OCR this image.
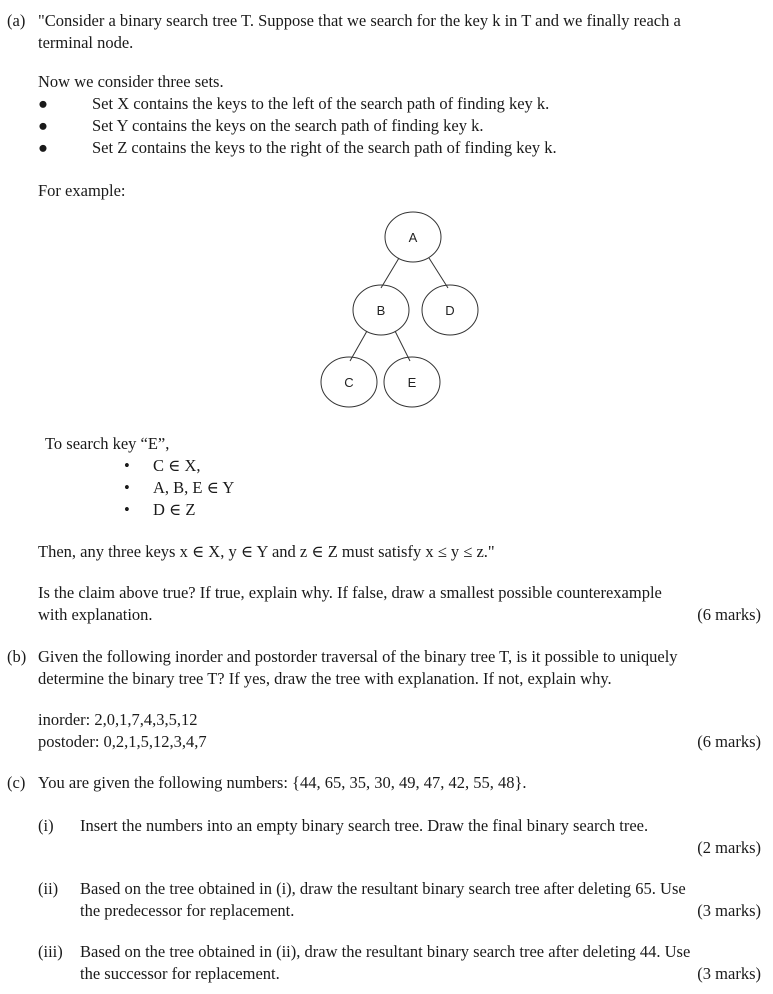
(a) "Consider a binary search tree T. Suppose that we search for the key k in T and we finally reach a
terminal node.
Now we consider three sets.
●	Set X contains the keys to the left of the search path of finding key k.
●	Set Y contains the keys on the search path of finding key k.
●	Set Z contains the keys to the right of the search path of finding key k.
For example:
A
B	D
C	E
To search key “E”,
• C ∈ X,
• A, B, E ∈ Y
• D ∈ Z
Then, any three keys x ∈ X, y ∈ Y and z ∈ Z must satisfy x ≤ y ≤ z."
Is the claim above true? If true, explain why. If false, draw a smallest possible counterexample
with explanation.	(6 marks)
(b) Given the following inorder and postorder traversal of the binary tree T, is it possible to uniquely
determine the binary tree T? If yes, draw the tree with explanation. If not, explain why.
inorder: 2,0,1,7,4,3,5,12
postoder: 0,2,1,5,12,3,4,7	(6 marks)
(c) You are given the following numbers: {44, 65, 35, 30, 49, 47, 42, 55, 48}.
(i) Insert the numbers into an empty binary search tree. Draw the final binary search tree.
(2 marks)
(ii) Based on the tree obtained in (i), draw the resultant binary search tree after deleting 65. Use
the predecessor for replacement.	(3 marks)
(iii) Based on the tree obtained in (ii), draw the resultant binary search tree after deleting 44. Use
the successor for replacement.	(3 marks)
